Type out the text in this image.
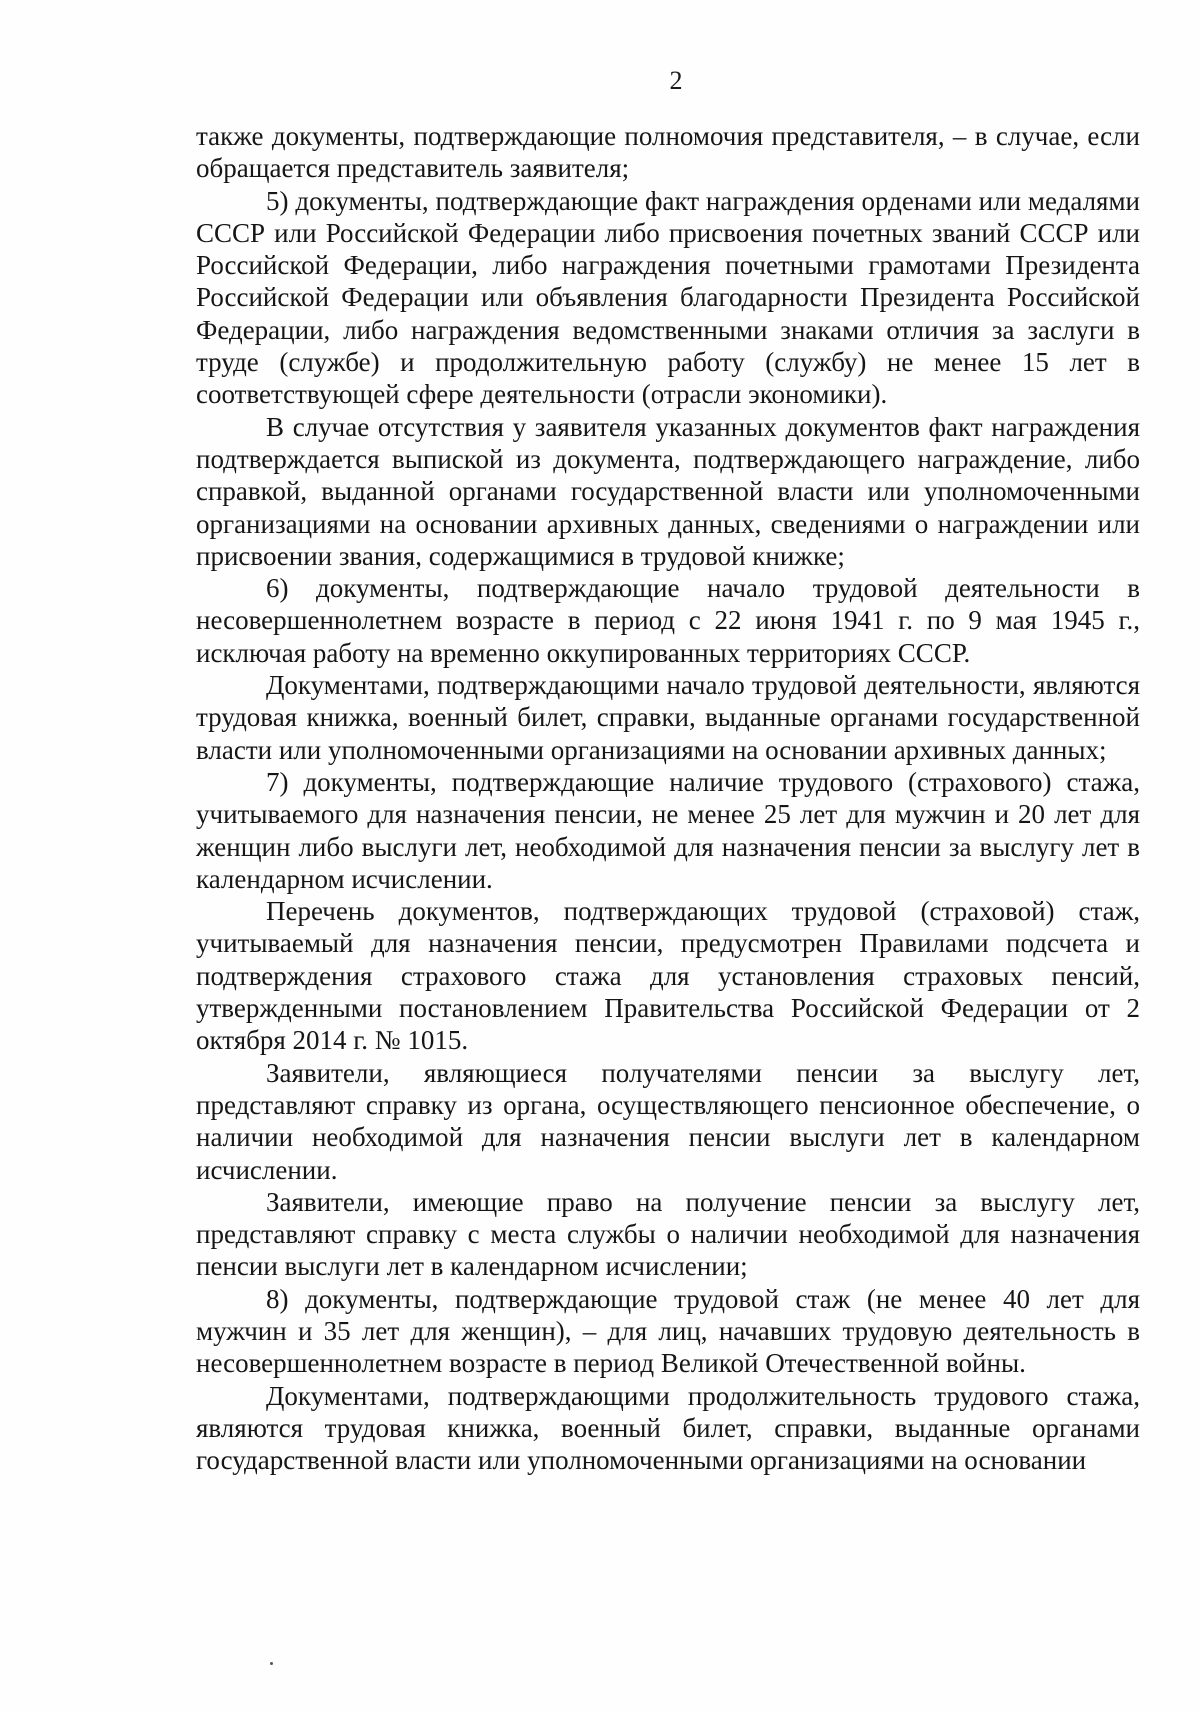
2

также документы, подтверждающие полномочия представителя, – в случае, если обращается представитель заявителя;

5) документы, подтверждающие факт награждения орденами или медалями СССР или Российской Федерации либо присвоения почетных званий СССР или Российской Федерации, либо награждения почетными грамотами Президента Российской Федерации или объявления благодарности Президента Российской Федерации, либо награждения ведомственными знаками отличия за заслуги в труде (службе) и продолжительную работу (службу) не менее 15 лет в соответствующей сфере деятельности (отрасли экономики).

В случае отсутствия у заявителя указанных документов факт награждения подтверждается выпиской из документа, подтверждающего награждение, либо справкой, выданной органами государственной власти или уполномоченными организациями на основании архивных данных, сведениями о награждении или присвоении звания, содержащимися в трудовой книжке;

6) документы, подтверждающие начало трудовой деятельности в несовершеннолетнем возрасте в период с 22 июня 1941 г. по 9 мая 1945 г., исключая работу на временно оккупированных территориях СССР.

Документами, подтверждающими начало трудовой деятельности, являются трудовая книжка, военный билет, справки, выданные органами государственной власти или уполномоченными организациями на основании архивных данных;

7) документы, подтверждающие наличие трудового (страхового) стажа, учитываемого для назначения пенсии, не менее 25 лет для мужчин и 20 лет для женщин либо выслуги лет, необходимой для назначения пенсии за выслугу лет в календарном исчислении.

Перечень документов, подтверждающих трудовой (страховой) стаж, учитываемый для назначения пенсии, предусмотрен Правилами подсчета и подтверждения страхового стажа для установления страховых пенсий, утвержденными постановлением Правительства Российской Федерации от 2 октября 2014 г. № 1015.

Заявители, являющиеся получателями пенсии за выслугу лет, представляют справку из органа, осуществляющего пенсионное обеспечение, о наличии необходимой для назначения пенсии выслуги лет в календарном исчислении.

Заявители, имеющие право на получение пенсии за выслугу лет, представляют справку с места службы о наличии необходимой для назначения пенсии выслуги лет в календарном исчислении;

8) документы, подтверждающие трудовой стаж (не менее 40 лет для мужчин и 35 лет для женщин), – для лиц, начавших трудовую деятельность в несовершеннолетнем возрасте в период Великой Отечественной войны.

Документами, подтверждающими продолжительность трудового стажа, являются трудовая книжка, военный билет, справки, выданные органами государственной власти или уполномоченными организациями на основании
